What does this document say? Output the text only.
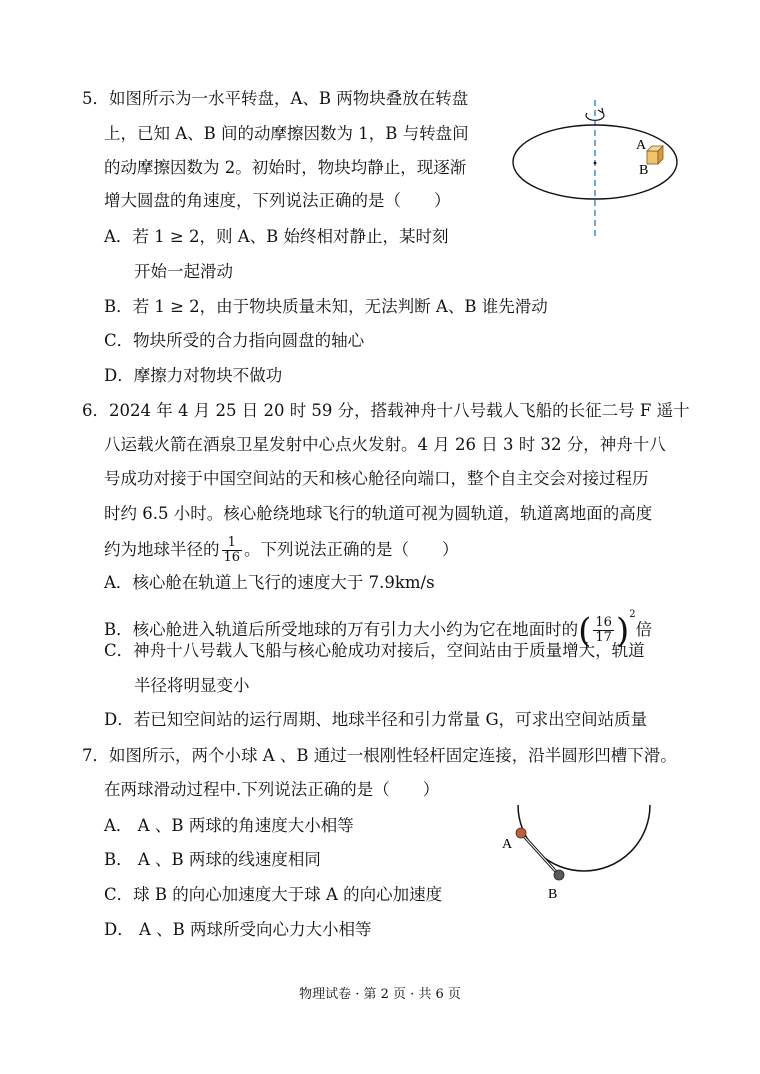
5．如图所示为一水平转盘，A、B 两物块叠放在转盘
上，已知 A、B 间的动摩擦因数为 1，B 与转盘间
的动摩擦因数为 2。初始时，物块均静止，现逐渐
增大圆盘的角速度，下列说法正确的是（　　）
A．若 1 ≥ 2，则 A、B 始终相对静止，某时刻
开始一起滑动
B．若 1 ≥ 2，由于物块质量未知，无法判断 A、B 谁先滑动
C．物块所受的合力指向圆盘的轴心
D．摩擦力对物块不做功
A
B
6．2024 年 4 月 25 日 20 时 59 分，搭载神舟十八号载人飞船的长征二号 F 遥十
八运载火箭在酒泉卫星发射中心点火发射。4 月 26 日 3 时 32 分，神舟十八
号成功对接于中国空间站的天和核心舱径向端口，整个自主交会对接过程历
时约 6.5 小时。核心舱绕地球飞行的轨道可视为圆轨道，轨道离地面的高度
约为地球半径的 $\frac{1}{16}$ 。下列说法正确的是（　　）
A．核心舱在轨道上飞行的速度大于 7.9km/s
B．核心舱进入轨道后所受地球的万有引力大小约为它在地面时的( $\frac{16}{17} )^2$倍
C．神舟十八号载人飞船与核心舱成功对接后，空间站由于质量增大，轨道
半径将明显变小
D．若已知空间站的运行周期、地球半径和引力常量 G，可求出空间站质量
7．如图所示，两个小球 A 、B 通过一根刚性轻杆固定连接，沿半圆形凹槽下滑。
在两球滑动过程中.下列说法正确的是（　　）
A． A 、B 两球的角速度大小相等
B． A 、B 两球的线速度相同
C．球 B 的向心加速度大于球 A 的向心加速度
D． A 、B 两球所受向心力大小相等
A
B
物理试卷 · 第 2 页 · 共 6 页
